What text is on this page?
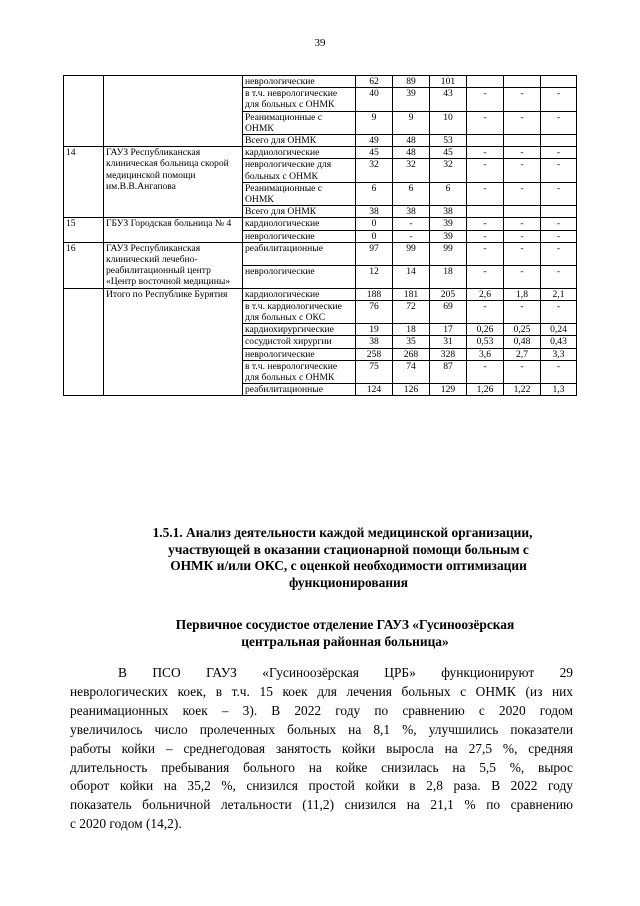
39
		неврологические	62	89	101			
		в т.ч. неврологические для больных с ОНМК	40	39	43	-	-	-
		Реанимационные с ОНМК	9	9	10	-	-	-
		Всего для ОНМК	49	48	53			
14	ГАУЗ Республиканская клиническая больница скорой медицинской помощи им.В.В.Ангапова	кардиологические	45	48	45	-	-	-
		неврологические для больных с ОНМК	32	32	32	-	-	-
		Реанимационные с ОНМК	6	6	6	-	-	-
		Всего для ОНМК	38	38	38			
15	ГБУЗ Городская больница № 4	кардиологические	0	-	39	-	-	-
		неврологические	0	-	39	-	-	-
16	ГАУЗ Республиканская клинический лечебно-реабилитационный центр «Центр восточной медицины»	реабилитационные	97	99	99	-	-	-
		неврологические	12	14	18	-	-	-
	Итого по Республике Бурятия	кардиологические	188	181	205	2,6	1,8	2,1
		в т.ч. кардиологические для больных с ОКС	76	72	69	-	-	-
		кардиохирургические	19	18	17	0,26	0,25	0,24
		сосудистой хирургии	38	35	31	0,53	0,48	0,43
		неврологические	258	268	328	3,6	2,7	3,3
		в т.ч. неврологические для больных с ОНМК	75	74	87	-	-	-
		реабилитационные	124	126	129	1,26	1,22	1,3
1.5.1. Анализ деятельности каждой медицинской организации,
участвующей в оказании стационарной помощи больным с
ОНМК и/или ОКС, с оценкой необходимости оптимизации
функционирования
Первичное сосудистое отделение ГАУЗ «Гусиноозёрская
центральная районная больница»
В ПСО ГАУЗ «Гусиноозёрская ЦРБ» функционируют 29
неврологических коек, в т.ч. 15 коек для лечения больных с ОНМК (из них
реанимационных коек – 3). В 2022 году по сравнению с 2020 годом
увеличилось число пролеченных больных на 8,1 %, улучшились показатели
работы койки – среднегодовая занятость койки выросла на 27,5 %, средняя
длительность пребывания больного на койке снизилась на 5,5 %, вырос
оборот койки на 35,2 %, снизился простой койки в 2,8 раза. В 2022 году
показатель больничной летальности (11,2) снизился на 21,1 % по сравнению
с 2020 годом (14,2).
